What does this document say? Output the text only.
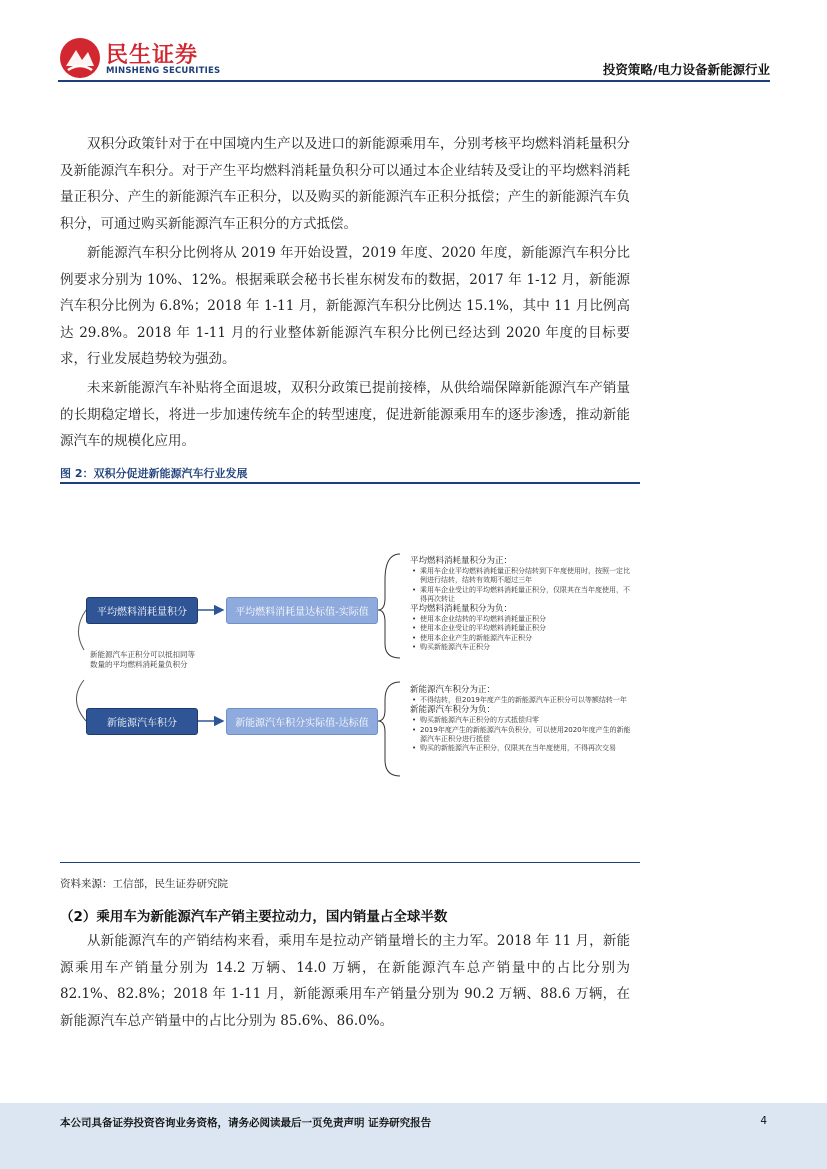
民生证券
MINSHENG SECURITIES	投资策略/电力设备新能源行业

双积分政策针对于在中国境内生产以及进口的新能源乘用车，分别考核平均燃料消耗量积分及新能源汽车积分。对于产生平均燃料消耗量负积分可以通过本企业结转及受让的平均燃料消耗量正积分、产生的新能源汽车正积分，以及购买的新能源汽车正积分抵偿；产生的新能源汽车负积分，可通过购买新能源汽车正积分的方式抵偿。

新能源汽车积分比例将从 2019 年开始设置，2019 年度、2020 年度，新能源汽车积分比例要求分别为 10%、12%。根据乘联会秘书长崔东树发布的数据，2017 年 1-12 月，新能源汽车积分比例为 6.8%；2018 年 1-11 月，新能源汽车积分比例达 15.1%，其中 11 月比例高达 29.8%。2018 年 1-11 月的行业整体新能源汽车积分比例已经达到 2020 年度的目标要求，行业发展趋势较为强劲。

未来新能源汽车补贴将全面退坡，双积分政策已提前接棒，从供给端保障新能源汽车产销量的长期稳定增长，将进一步加速传统车企的转型速度，促进新能源乘用车的逐步渗透，推动新能源汽车的规模化应用。

图 2：双积分促进新能源汽车行业发展
平均燃料消耗量积分	平均燃料消耗量达标值-实际值
新能源汽车积分	新能源汽车积分实际值-达标值
新能源汽车正积分可以抵扣同等数量的平均燃料消耗量负积分
平均燃料消耗量积分为正：
• 乘用车企业平均燃料消耗量正积分结转到下年度使用时，按照一定比例进行结转，结转有效期不超过三年
• 乘用车企业受让的平均燃料消耗量正积分，仅限其在当年度使用，不得再次转让
平均燃料消耗量积分为负：
• 使用本企业结转的平均燃料消耗量正积分
• 使用本企业受让的平均燃料消耗量正积分
• 使用本企业产生的新能源汽车正积分
• 购买新能源汽车正积分
新能源汽车积分为正：
• 不得结转，但2019年度产生的新能源汽车正积分可以等额结转一年
新能源汽车积分为负：
• 购买新能源汽车正积分的方式抵偿归零
• 2019年度产生的新能源汽车负积分，可以使用2020年度产生的新能源汽车正积分进行抵偿
• 购买的新能源汽车正积分，仅限其在当年度使用，不得再次交易
资料来源：工信部，民生证券研究院
（2）乘用车为新能源汽车产销主要拉动力，国内销量占全球半数

从新能源汽车的产销结构来看，乘用车是拉动产销量增长的主力军。2018 年 11 月，新能源乘用车产销量分别为 14.2 万辆、14.0 万辆，在新能源汽车总产销量中的占比分别为 82.1%、82.8%；2018 年 1-11 月，新能源乘用车产销量分别为 90.2 万辆、88.6 万辆，在新能源汽车总产销量中的占比分别为 85.6%、86.0%。

本公司具备证券投资咨询业务资格，请务必阅读最后一页免责声明 证券研究报告	4
